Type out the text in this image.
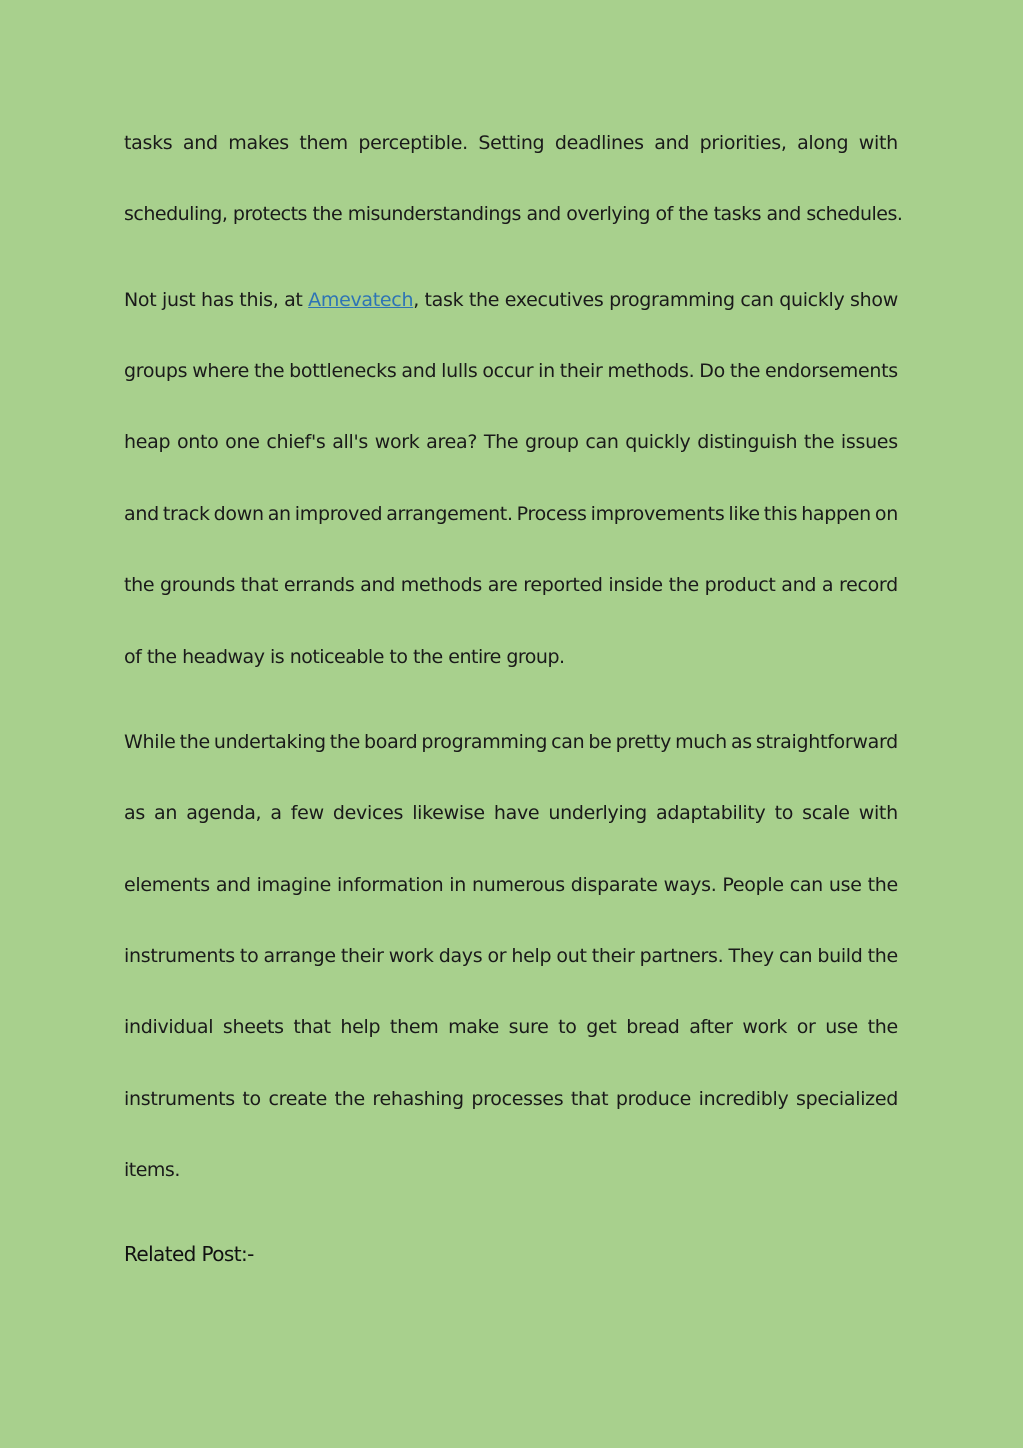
tasks and makes them perceptible. Setting deadlines and priorities, along with
scheduling, protects the misunderstandings and overlying of the tasks and schedules.
Not just has this, at Amevatech, task the executives programming can quickly show
groups where the bottlenecks and lulls occur in their methods. Do the endorsements
heap onto one chief's all's work area? The group can quickly distinguish the issues
and track down an improved arrangement. Process improvements like this happen on
the grounds that errands and methods are reported inside the product and a record
of the headway is noticeable to the entire group.
While the undertaking the board programming can be pretty much as straightforward
as an agenda, a few devices likewise have underlying adaptability to scale with
elements and imagine information in numerous disparate ways. People can use the
instruments to arrange their work days or help out their partners. They can build the
individual sheets that help them make sure to get bread after work or use the
instruments to create the rehashing processes that produce incredibly specialized
items.
Related Post:-
